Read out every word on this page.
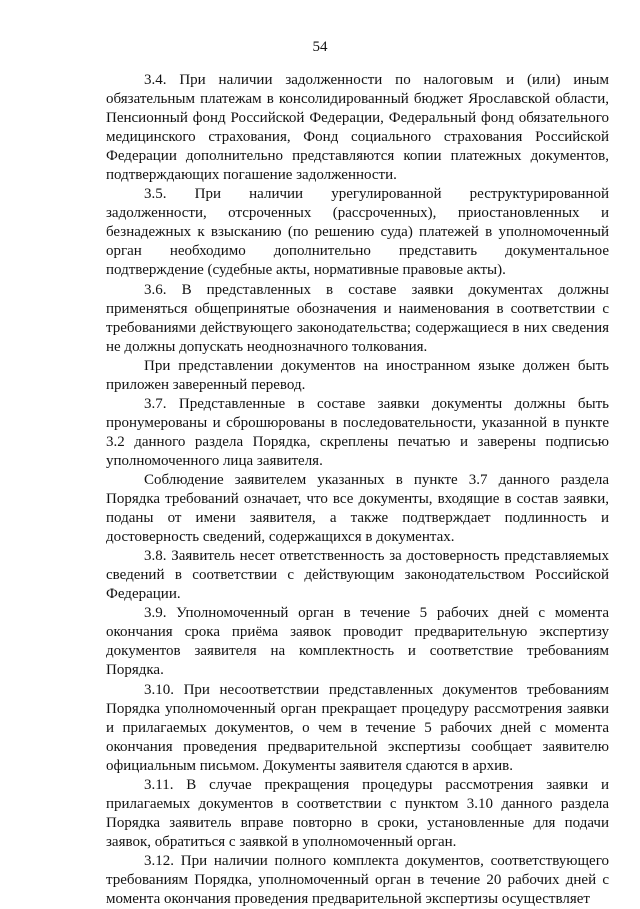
54

3.4. При наличии задолженности по налоговым и (или) иным обязательным платежам в консолидированный бюджет Ярославской области, Пенсионный фонд Российской Федерации, Федеральный фонд обязательного медицинского страхования, Фонд социального страхования Российской Федерации дополнительно представляются копии платежных документов, подтверждающих погашение задолженности.

3.5. При наличии урегулированной реструктурированной задолженности, отсроченных (рассроченных), приостановленных и безнадежных к взысканию (по решению суда) платежей в уполномоченный орган необходимо дополнительно представить документальное подтверждение (судебные акты, нормативные правовые акты).

3.6. В представленных в составе заявки документах должны применяться общепринятые обозначения и наименования в соответствии с требованиями действующего законодательства; содержащиеся в них сведения не должны допускать неоднозначного толкования.

При представлении документов на иностранном языке должен быть приложен заверенный перевод.

3.7. Представленные в составе заявки документы должны быть пронумерованы и сброшюрованы в последовательности, указанной в пункте 3.2 данного раздела Порядка, скреплены печатью и заверены подписью уполномоченного лица заявителя.

Соблюдение заявителем указанных в пункте 3.7 данного раздела Порядка требований означает, что все документы, входящие в состав заявки, поданы от имени заявителя, а также подтверждает подлинность и достоверность сведений, содержащихся в документах.

3.8. Заявитель несет ответственность за достоверность представляемых сведений в соответствии с действующим законодательством Российской Федерации.

3.9. Уполномоченный орган в течение 5 рабочих дней с момента окончания срока приёма заявок проводит предварительную экспертизу документов заявителя на комплектность и соответствие требованиям Порядка.

3.10. При несоответствии представленных документов требованиям Порядка уполномоченный орган прекращает процедуру рассмотрения заявки и прилагаемых документов, о чем в течение 5 рабочих дней с момента окончания проведения предварительной экспертизы сообщает заявителю официальным письмом. Документы заявителя сдаются в архив.

3.11. В случае прекращения процедуры рассмотрения заявки и прилагаемых документов в соответствии с пунктом 3.10 данного раздела Порядка заявитель вправе повторно в сроки, установленные для подачи заявок, обратиться с заявкой в уполномоченный орган.

3.12. При наличии полного комплекта документов, соответствующего требованиям Порядка, уполномоченный орган в течение 20 рабочих дней с момента окончания проведения предварительной экспертизы осуществляет
